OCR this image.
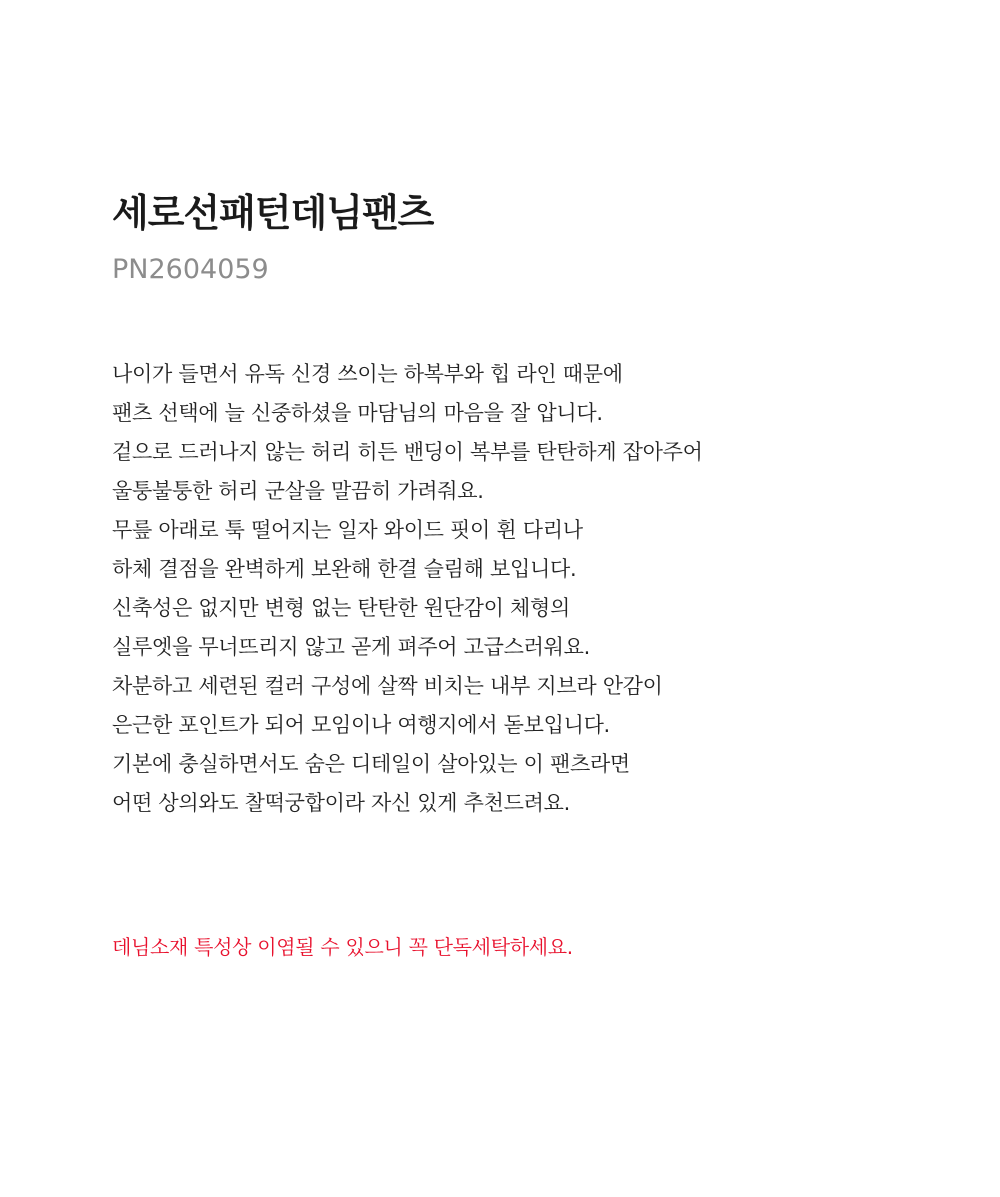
세로선패턴데님팬츠
PN2604059

나이가 들면서 유독 신경 쓰이는 하복부와 힙 라인 때문에

팬츠 선택에 늘 신중하셨을 마담님의 마음을 잘 압니다.

겉으로 드러나지 않는 허리 히든 밴딩이 복부를 탄탄하게 잡아주어

울퉁불퉁한 허리 군살을 말끔히 가려줘요.

무릎 아래로 툭 떨어지는 일자 와이드 핏이 휜 다리나

하체 결점을 완벽하게 보완해 한결 슬림해 보입니다.

신축성은 없지만 변형 없는 탄탄한 원단감이 체형의

실루엣을 무너뜨리지 않고 곧게 펴주어 고급스러워요.

차분하고 세련된 컬러 구성에 살짝 비치는 내부 지브라 안감이

은근한 포인트가 되어 모임이나 여행지에서 돋보입니다.

기본에 충실하면서도 숨은 디테일이 살아있는 이 팬츠라면

어떤 상의와도 찰떡궁합이라 자신 있게 추천드려요.

데님소재 특성상 이염될 수 있으니 꼭 단독세탁하세요.
